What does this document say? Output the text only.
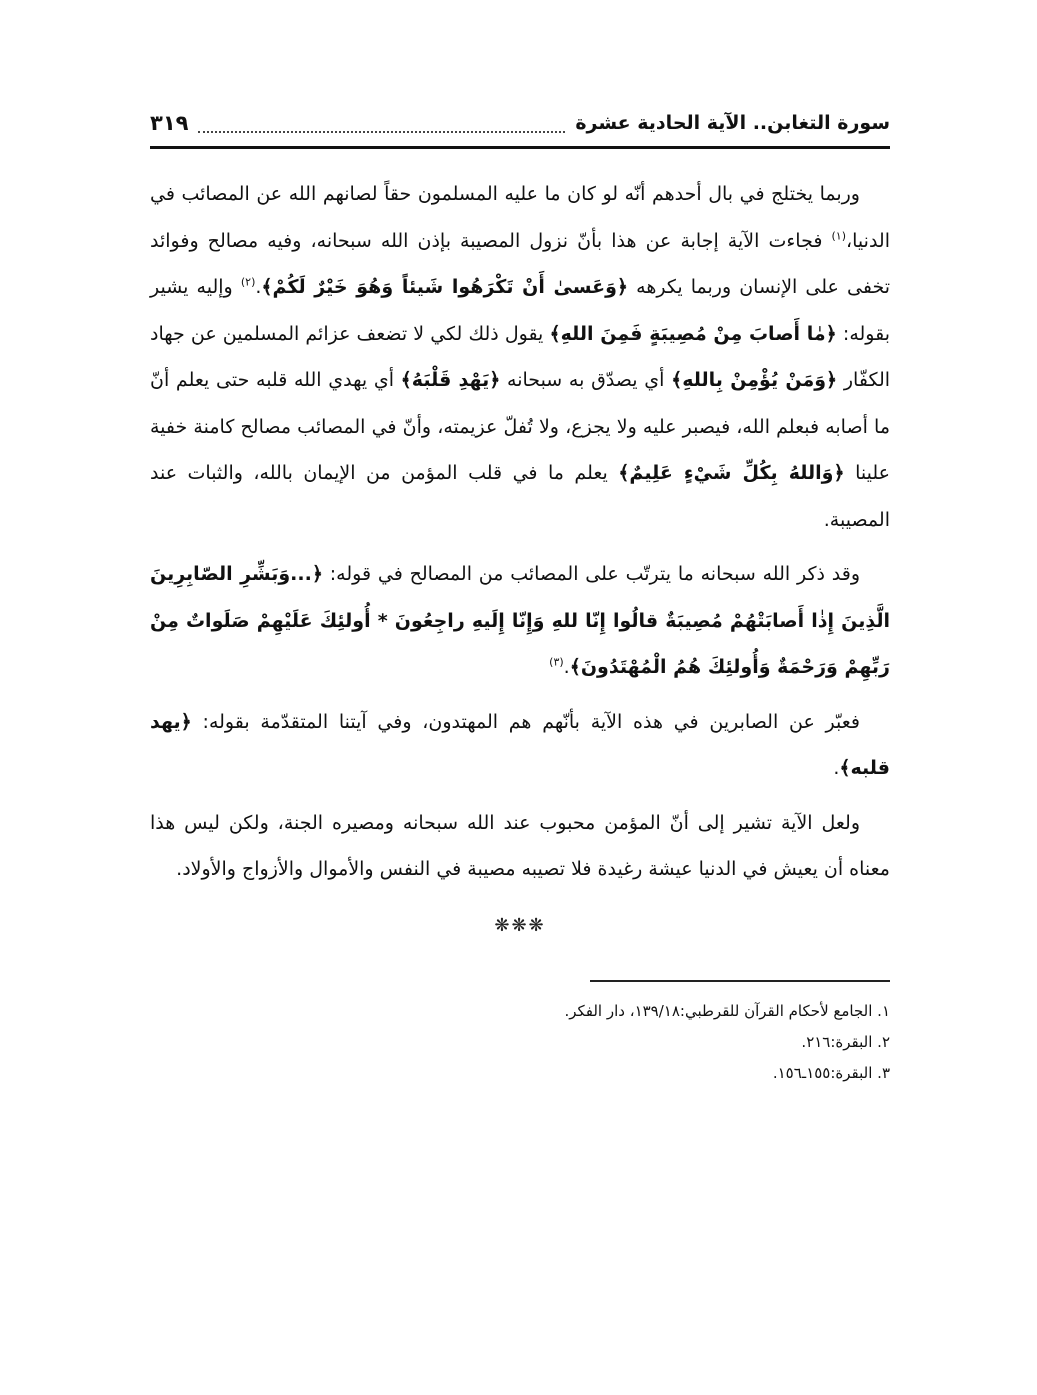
سورة التغابن.. الآية الحادية عشرة
٣١٩

وربما يختلج في بال أحدهم أنّه لو كان ما عليه المسلمون حقاً لصانهم الله عن المصائب في الدنيا،$^{(١)}$ فجاءت الآية إجابة عن هذا بأنّ نزول المصيبة بإذن الله سبحانه، وفيه مصالح وفوائد تخفى على الإنسان وربما يكرهه ﴿وَعَسىٰ أَنْ تَكْرَهُوا شَيئاً وَهُوَ خَيْرٌ لَكُمْ﴾.$^{(٢)}$ وإليه يشير بقوله: ﴿مٰا أَصابَ مِنْ مُصِيبَةٍ فَمِنَ اللهِ﴾ يقول ذلك لكي لا تضعف عزائم المسلمين عن جهاد الكفّار ﴿وَمَنْ يُؤْمِنْ بِاللهِ﴾ أي يصدّق به سبحانه ﴿يَهْدِ قَلْبَهُ﴾ أي يهدي الله قلبه حتى يعلم أنّ ما أصابه فبعلم الله، فيصبر عليه ولا يجزع، ولا تُفلّ عزيمته، وأنّ في المصائب مصالح كامنة خفية علينا ﴿وَاللهُ بِكُلِّ شَيْءٍ عَلِيمٌ﴾ يعلم ما في قلب المؤمن من الإيمان بالله، والثبات عند المصيبة.

وقد ذكر الله سبحانه ما يترتّب على المصائب من المصالح في قوله: ﴿...وَبَشِّرِ الصّابِرِينَ الَّذِينَ إِذٰا أَصابَتْهُمْ مُصِيبَةٌ قالُوا إِنّا للهِ وَإِنّا إِلَيهِ راجِعُونَ * أُولئِكَ عَلَيْهِمْ صَلَواتٌ مِنْ رَبِّهِمْ وَرَحْمَةٌ وَأُولئِكَ هُمُ الْمُهْتَدُونَ﴾.$^{(٣)}$

فعبّر عن الصابرين في هذه الآية بأنّهم هم المهتدون، وفي آيتنا المتقدّمة بقوله: ﴿يهد قلبه﴾.

ولعل الآية تشير إلى أنّ المؤمن محبوب عند الله سبحانه ومصيره الجنة، ولكن ليس هذا معناه أن يعيش في الدنيا عيشة رغيدة فلا تصيبه مصيبة في النفس والأموال والأزواج والأولاد.

❋❋❋
١. الجامع لأحكام القرآن للقرطبي:١٣٩/١٨، دار الفكر.
٢. البقرة:٢١٦.
٣. البقرة:١٥٥ـ١٥٦.
